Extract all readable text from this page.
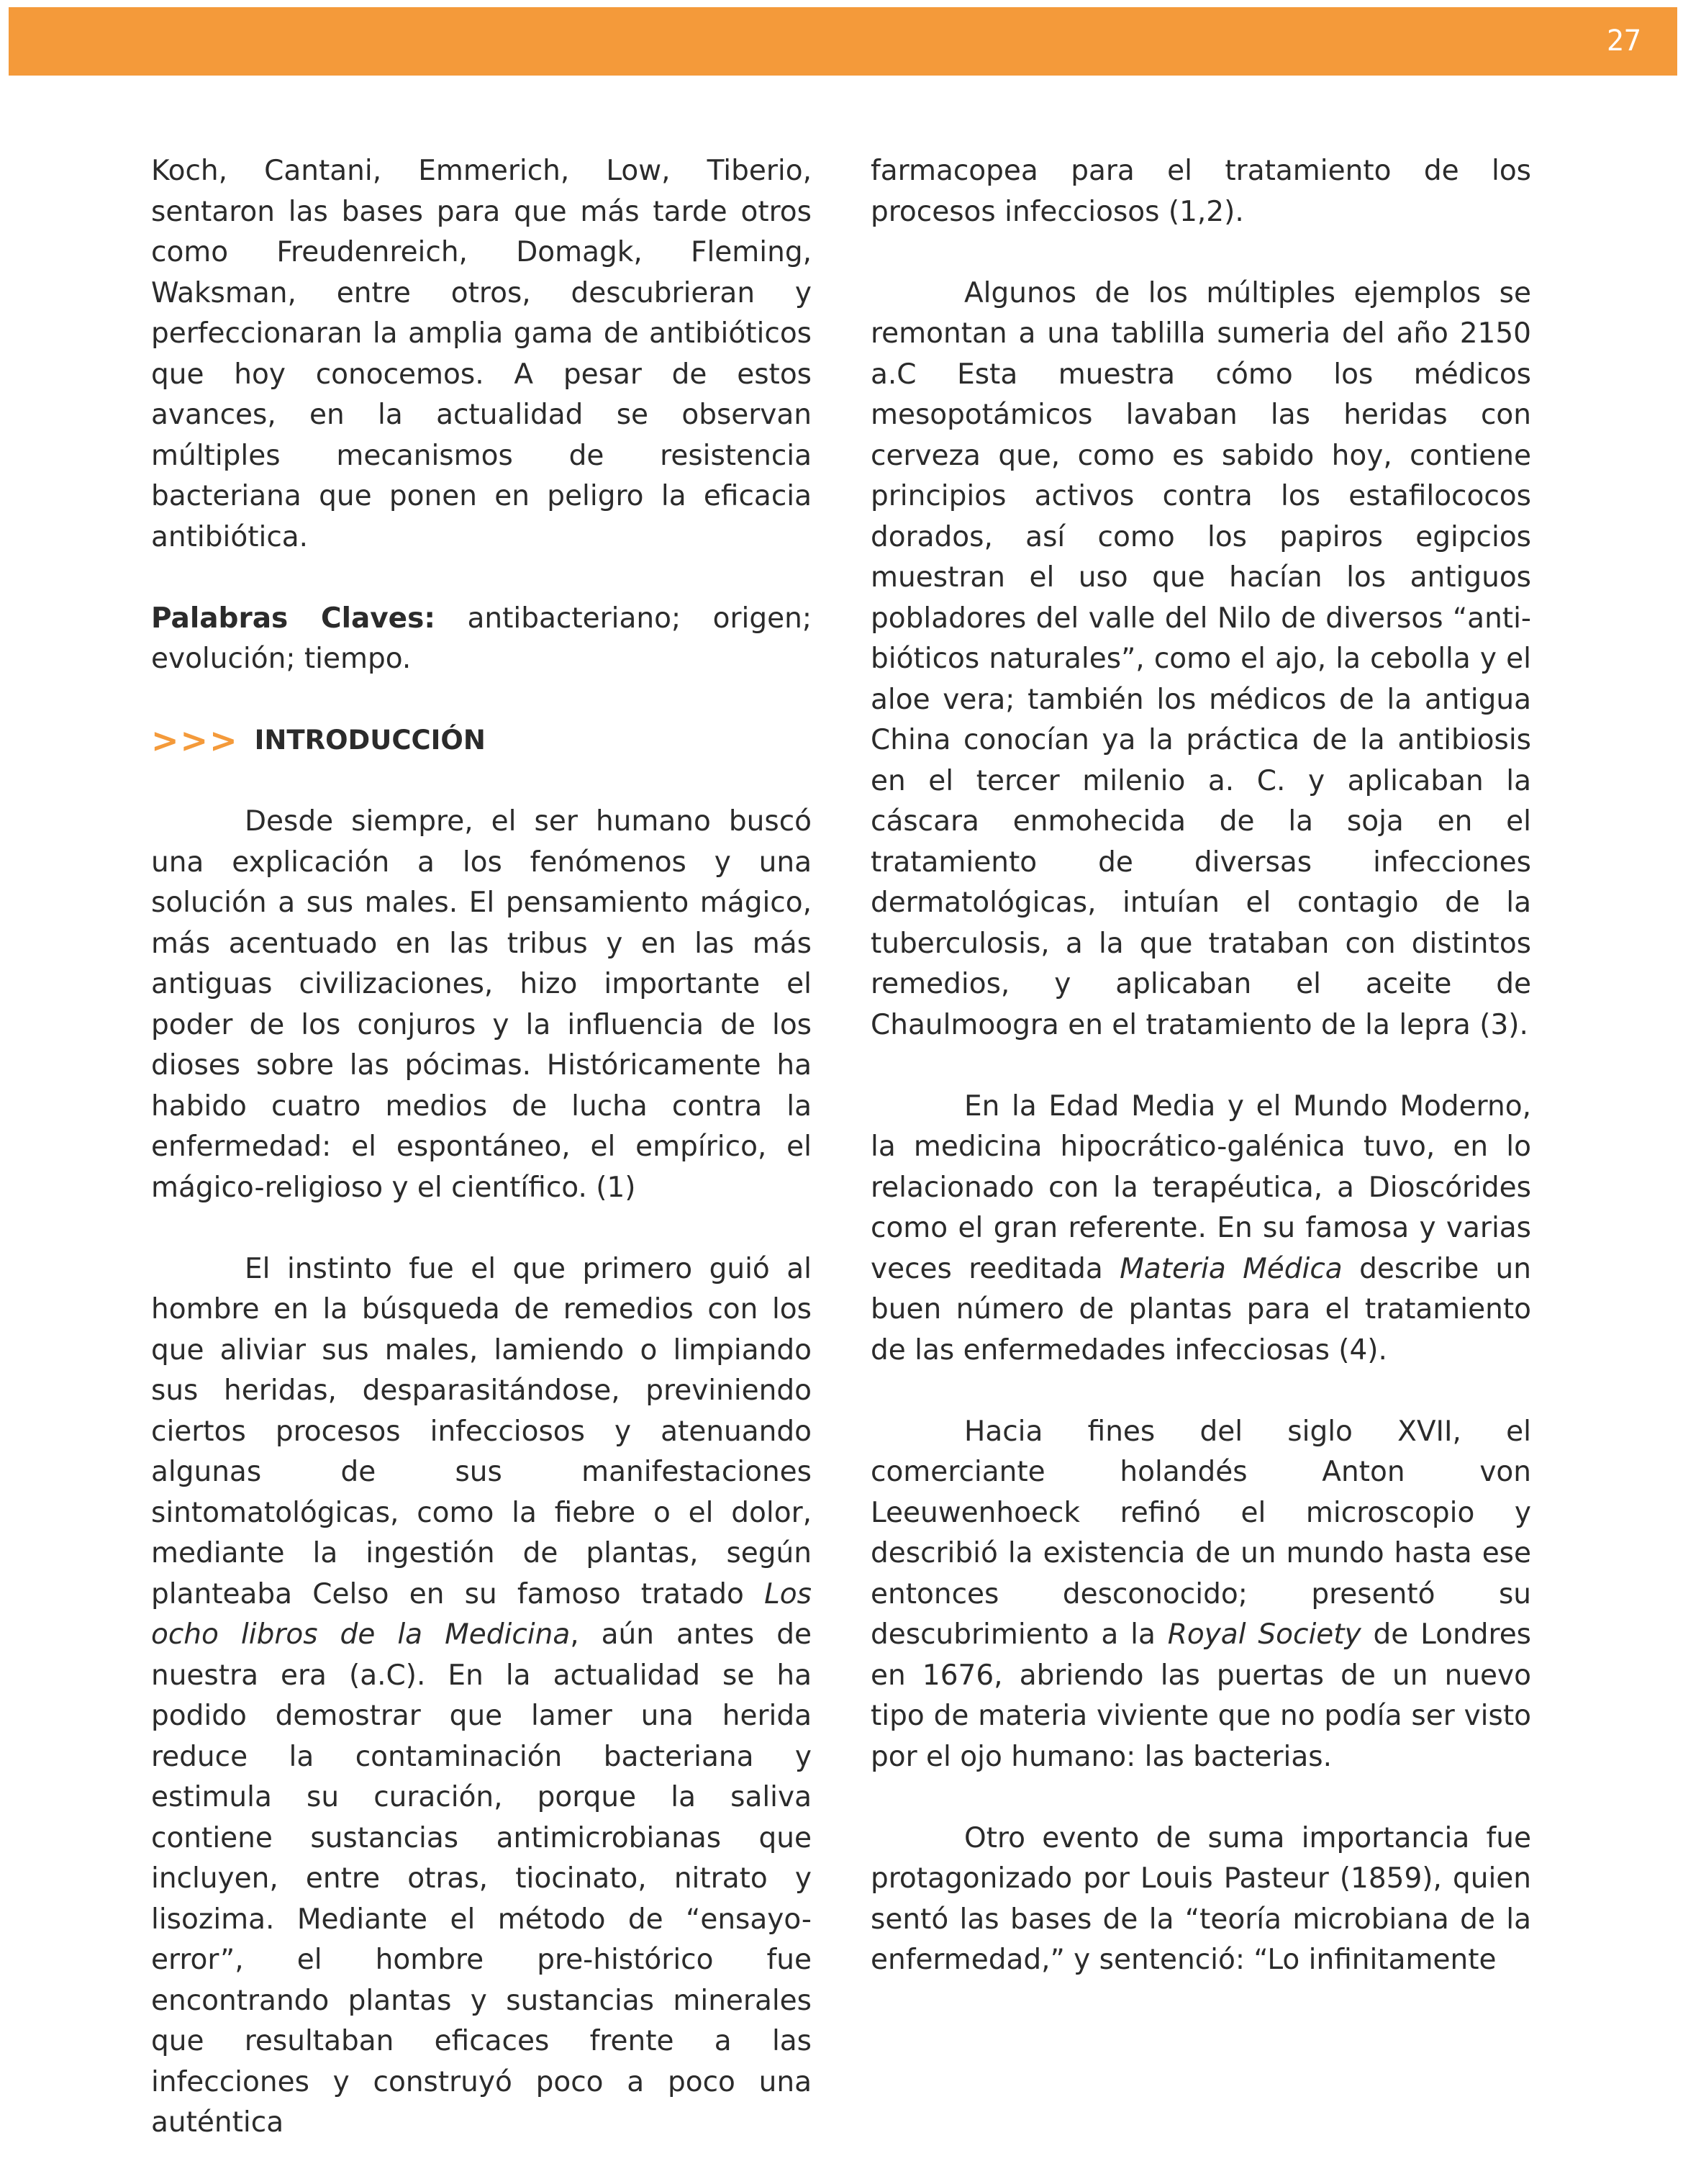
27

Koch, Cantani, Emmerich, Low, Tiberio, sentaron las bases para que más tarde otros como Freudenreich, Domagk, Fleming, Waksman, entre otros, descubrieran y perfeccionaran la amplia gama de antibióticos que hoy conocemos. A pesar de estos avances, en la actualidad se observan múltiples mecanismos de resistencia bacteriana que ponen en peligro la eficacia antibiótica.

Palabras Claves: antibacteriano; origen; evolución; tiempo.

>>> INTRODUCCIÓN

Desde siempre, el ser humano buscó una explicación a los fenómenos y una solución a sus males. El pensamiento mágico, más acentuado en las tribus y en las más antiguas civilizaciones, hizo importante el poder de los conjuros y la influencia de los dioses sobre las pócimas. Históricamente ha habido cuatro medios de lucha contra la enfermedad: el espontáneo, el empírico, el mágico-religioso y el científico. (1)

El instinto fue el que primero guió al hombre en la búsqueda de remedios con los que aliviar sus males, lamiendo o limpiando sus heridas, desparasitándose, previniendo ciertos procesos infecciosos y atenuando algunas de sus manifestaciones sintomatológicas, como la fiebre o el dolor, mediante la ingestión de plantas, según planteaba Celso en su famoso tratado Los ocho libros de la Medicina, aún antes de nuestra era (a.C). En la actualidad se ha podido demostrar que lamer una herida reduce la contaminación bacteriana y estimula su curación, porque la saliva contiene sustancias antimicrobianas que incluyen, entre otras, tiocinato, nitrato y lisozima. Mediante el método de “ensayo-error”, el hombre pre-histórico fue encontrando plantas y sustancias minerales que resultaban eficaces frente a las infecciones y construyó poco a poco una auténtica

farmacopea para el tratamiento de los procesos infecciosos (1,2).

Algunos de los múltiples ejemplos se remontan a una tablilla sumeria del año 2150 a.C Esta muestra cómo los médicos mesopotámicos lavaban las heridas con cerveza que, como es sabido hoy, contiene principios activos contra los estafilococos dorados, así como los papiros egipcios muestran el uso que hacían los antiguos pobladores del valle del Nilo de diversos “anti-bióticos naturales”, como el ajo, la cebolla y el aloe vera; también los médicos de la antigua China conocían ya la práctica de la antibiosis en el tercer milenio a. C. y aplicaban la cáscara enmohecida de la soja en el tratamiento de diversas infecciones dermatológicas, intuían el contagio de la tuberculosis, a la que trataban con distintos remedios, y aplicaban el aceite de Chaulmoogra en el tratamiento de la lepra (3).

En la Edad Media y el Mundo Moderno, la medicina hipocrático-galénica tuvo, en lo relacionado con la terapéutica, a Dioscórides como el gran referente. En su famosa y varias veces reeditada Materia Médica describe un buen número de plantas para el tratamiento de las enfermedades infecciosas (4).

Hacia fines del siglo XVII, el comerciante holandés Anton von Leeuwenhoeck refinó el microscopio y describió la existencia de un mundo hasta ese entonces desconocido; presentó su descubrimiento a la Royal Society de Londres en 1676, abriendo las puertas de un nuevo tipo de materia viviente que no podía ser visto por el ojo humano: las bacterias.

Otro evento de suma importancia fue protagonizado por Louis Pasteur (1859), quien sentó las bases de la “teoría microbiana de la enfermedad,” y sentenció: “Lo infinitamente
